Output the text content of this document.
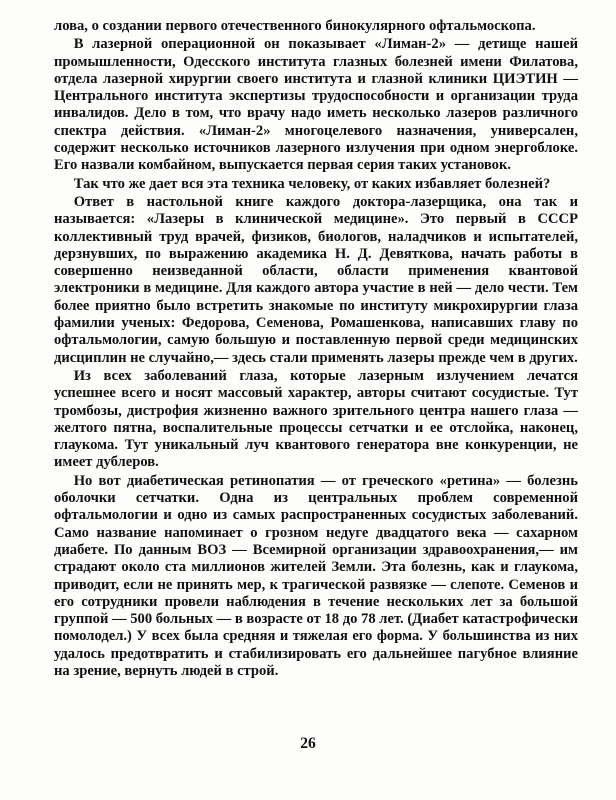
лова, о создании первого отечественного бинокулярного офтальмоскопа.

В лазерной операционной он показывает «Лиман-2» — детище нашей промышленности, Одесского института глазных болезней имени Филатова, отдела лазерной хирургии своего института и глазной клиники ЦИЭТИН — Центрального института экспертизы трудоспособности и организации труда инвалидов. Дело в том, что врачу надо иметь несколько лазеров различного спектра действия. «Лиман-2» многоцелевого назначения, универсален, содержит несколько источников лазерного излучения при одном энергоблоке. Его назвали комбайном, выпускается первая серия таких установок.

Так что же дает вся эта техника человеку, от каких избавляет болезней?

Ответ в настольной книге каждого доктора-лазерщика, она так и называется: «Лазеры в клинической медицине». Это первый в СССР коллективный труд врачей, физиков, биологов, наладчиков и испытателей, дерзнувших, по выражению академика Н. Д. Девяткова, начать работы в совершенно неизведанной области, области применения квантовой электроники в медицине. Для каждого автора участие в ней — дело чести. Тем более приятно было встретить знакомые по институту микрохирургии глаза фамилии ученых: Федорова, Семенова, Ромашенкова, написавших главу по офтальмологии, самую большую и поставленную первой среди медицинских дисциплин не случайно,— здесь стали применять лазеры прежде чем в других.

Из всех заболеваний глаза, которые лазерным излучением лечатся успешнее всего и носят массовый характер, авторы считают сосудистые. Тут тромбозы, дистрофия жизненно важного зрительного центра нашего глаза — желтого пятна, воспалительные процессы сетчатки и ее отслойка, наконец, глаукома. Тут уникальный луч квантового генератора вне конкуренции, не имеет дублеров.

Но вот диабетическая ретинопатия — от греческого «ретина» — болезнь оболочки сетчатки. Одна из центральных проблем современной офтальмологии и одно из самых распространенных сосудистых заболеваний. Само название напоминает о грозном недуге двадцатого века — сахарном диабете. По данным ВОЗ — Всемирной организации здравоохранения,— им страдают около ста миллионов жителей Земли. Эта болезнь, как и глаукома, приводит, если не принять мер, к трагической развязке — слепоте. Семенов и его сотрудники провели наблюдения в течение нескольких лет за большой группой — 500 больных — в возрасте от 18 до 78 лет. (Диабет катастрофически помолодел.) У всех была средняя и тяжелая его форма. У большинства из них удалось предотвратить и стабилизировать его дальнейшее пагубное влияние на зрение, вернуть людей в строй.

26
